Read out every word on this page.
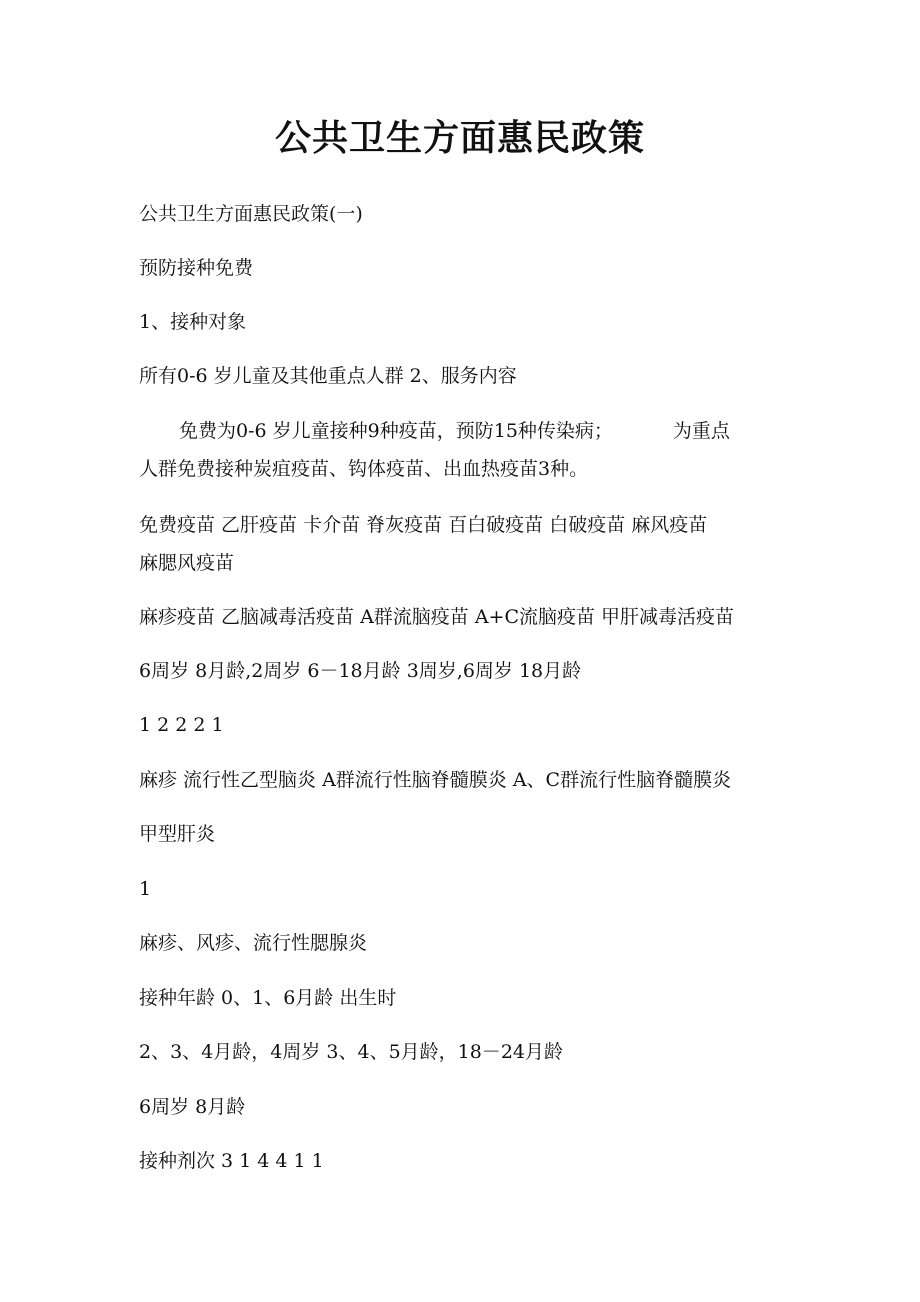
公共卫生方面惠民政策
公共卫生方面惠民政策(一)
预防接种免费
1、接种对象
所有0-6 岁儿童及其他重点人群 2、服务内容
免费为0-6 岁儿童接种9种疫苗，预防15种传染病；	为重点
人群免费接种炭疽疫苗、钩体疫苗、出血热疫苗3种。
免费疫苗 乙肝疫苗 卡介苗 脊灰疫苗 百白破疫苗 白破疫苗 麻风疫苗
麻腮风疫苗
麻疹疫苗 乙脑减毒活疫苗 A群流脑疫苗 A+C流脑疫苗 甲肝减毒活疫苗
6周岁 8月龄,2周岁 6－18月龄 3周岁,6周岁 18月龄
1 2 2 2 1
麻疹 流行性乙型脑炎 A群流行性脑脊髓膜炎 A、C群流行性脑脊髓膜炎
甲型肝炎
1
麻疹、风疹、流行性腮腺炎
接种年龄 0、1、6月龄 出生时
2、3、4月龄，4周岁 3、4、5月龄，18－24月龄
6周岁 8月龄
接种剂次 3 1 4 4 1 1
